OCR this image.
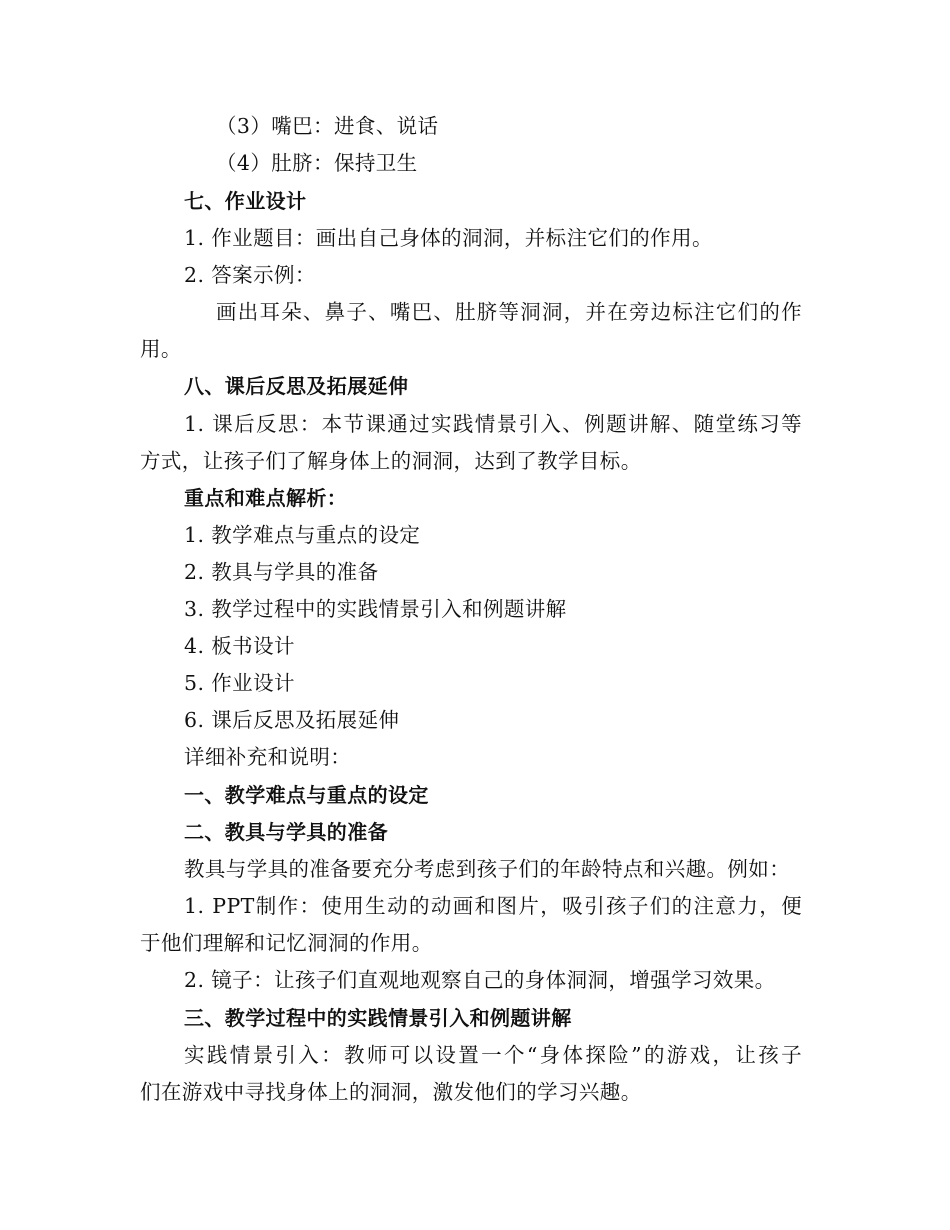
（3）嘴巴：进食、说话
（4）肚脐：保持卫生
七、作业设计
1. 作业题目：画出自己身体的洞洞，并标注它们的作用。
2. 答案示例：
画出耳朵、鼻子、嘴巴、肚脐等洞洞，并在旁边标注它们的作
用。
八、课后反思及拓展延伸
1. 课后反思：本节课通过实践情景引入、例题讲解、随堂练习等
方式，让孩子们了解身体上的洞洞，达到了教学目标。
重点和难点解析：
1. 教学难点与重点的设定
2. 教具与学具的准备
3. 教学过程中的实践情景引入和例题讲解
4. 板书设计
5. 作业设计
6. 课后反思及拓展延伸
详细补充和说明：
一、教学难点与重点的设定
二、教具与学具的准备
教具与学具的准备要充分考虑到孩子们的年龄特点和兴趣。例如：
1. PPT制作：使用生动的动画和图片，吸引孩子们的注意力，便
于他们理解和记忆洞洞的作用。
2. 镜子：让孩子们直观地观察自己的身体洞洞，增强学习效果。
三、教学过程中的实践情景引入和例题讲解
实践情景引入：教师可以设置一个“身体探险”的游戏，让孩子
们在游戏中寻找身体上的洞洞，激发他们的学习兴趣。
